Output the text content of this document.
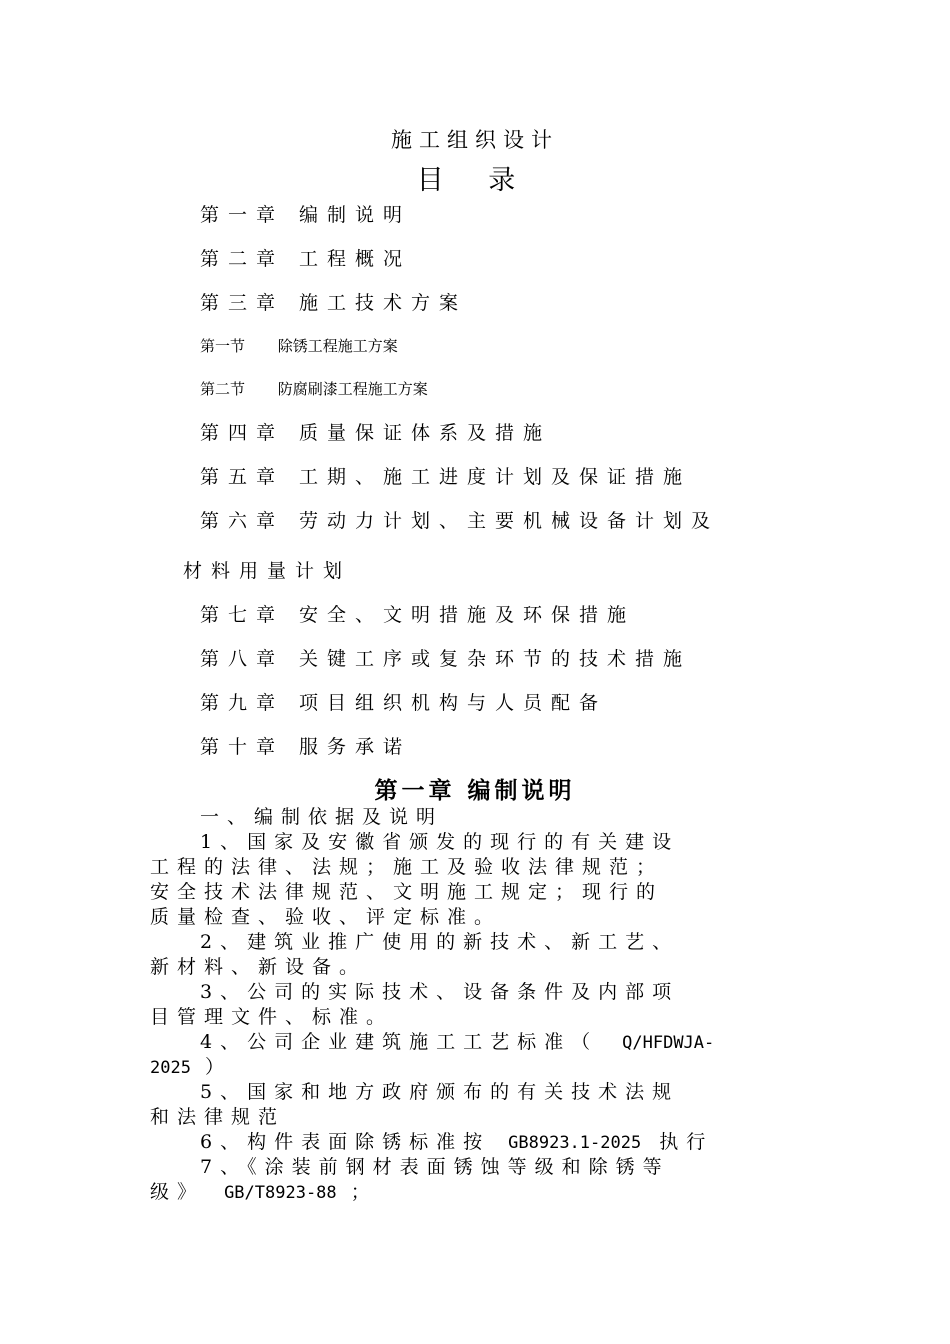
施工组织设计
目 录
第一章 编制说明
第二章 工程概况
第三章 施工技术方案
第一节 除锈工程施工方案
第二节 防腐刷漆工程施工方案
第四章 质量保证体系及措施
第五章 工期、施工进度计划及保证措施
第六章 劳动力计划、主要机械设备计划及
材料用量计划
第七章 安全、文明措施及环保措施
第八章 关键工序或复杂环节的技术措施
第九章 项目组织机构与人员配备
第十章 服务承诺
第一章 编制说明
一、编制依据及说明
1、国家及安徽省颁发的现行的有关建设
工程的法律、法规；施工及验收法律规范；
安全技术法律规范、文明施工规定；现行的
质量检查、验收、评定标准。
2、建筑业推广使用的新技术、新工艺、
新材料、新设备。
3、公司的实际技术、设备条件及内部项
目管理文件、标准。
4、公司企业建筑施工工艺标准（ Q/HFDWJA-
2025 ）
5、国家和地方政府颁布的有关技术法规
和法律规范
6、构件表面除锈标准按 GB8923.1-2025 执行
7、《涂装前钢材表面锈蚀等级和除锈等
级》 GB/T8923-88 ；
